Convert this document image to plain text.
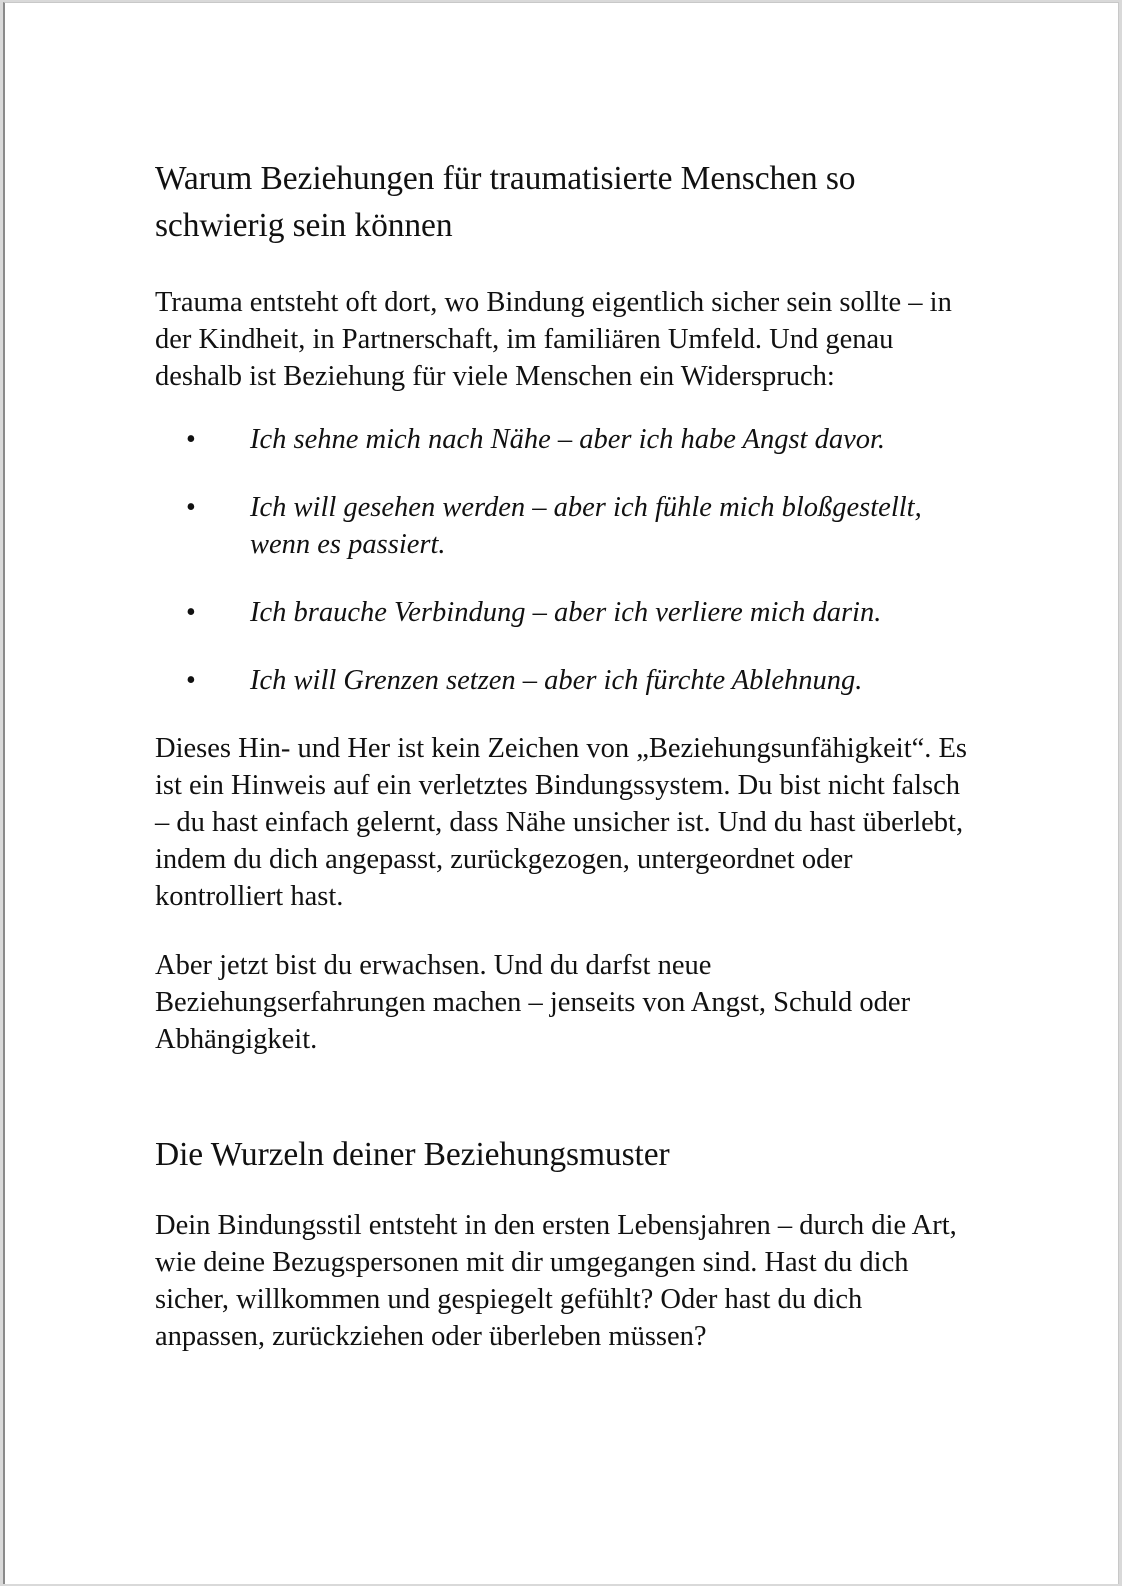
Warum Beziehungen für traumatisierte Menschen so schwierig sein können

Trauma entsteht oft dort, wo Bindung eigentlich sicher sein sollte – in der Kindheit, in Partnerschaft, im familiären Umfeld. Und genau deshalb ist Beziehung für viele Menschen ein Widerspruch:

• Ich sehne mich nach Nähe – aber ich habe Angst davor.
• Ich will gesehen werden – aber ich fühle mich bloßgestellt, wenn es passiert.
• Ich brauche Verbindung – aber ich verliere mich darin.
• Ich will Grenzen setzen – aber ich fürchte Ablehnung.

Dieses Hin- und Her ist kein Zeichen von „Beziehungsunfähigkeit“. Es ist ein Hinweis auf ein verletztes Bindungssystem. Du bist nicht falsch – du hast einfach gelernt, dass Nähe unsicher ist. Und du hast überlebt, indem du dich angepasst, zurückgezogen, untergeordnet oder kontrolliert hast.

Aber jetzt bist du erwachsen. Und du darfst neue Beziehungserfahrungen machen – jenseits von Angst, Schuld oder Abhängigkeit.

Die Wurzeln deiner Beziehungsmuster

Dein Bindungsstil entsteht in den ersten Lebensjahren – durch die Art, wie deine Bezugspersonen mit dir umgegangen sind. Hast du dich sicher, willkommen und gespiegelt gefühlt? Oder hast du dich anpassen, zurückziehen oder überleben müssen?
